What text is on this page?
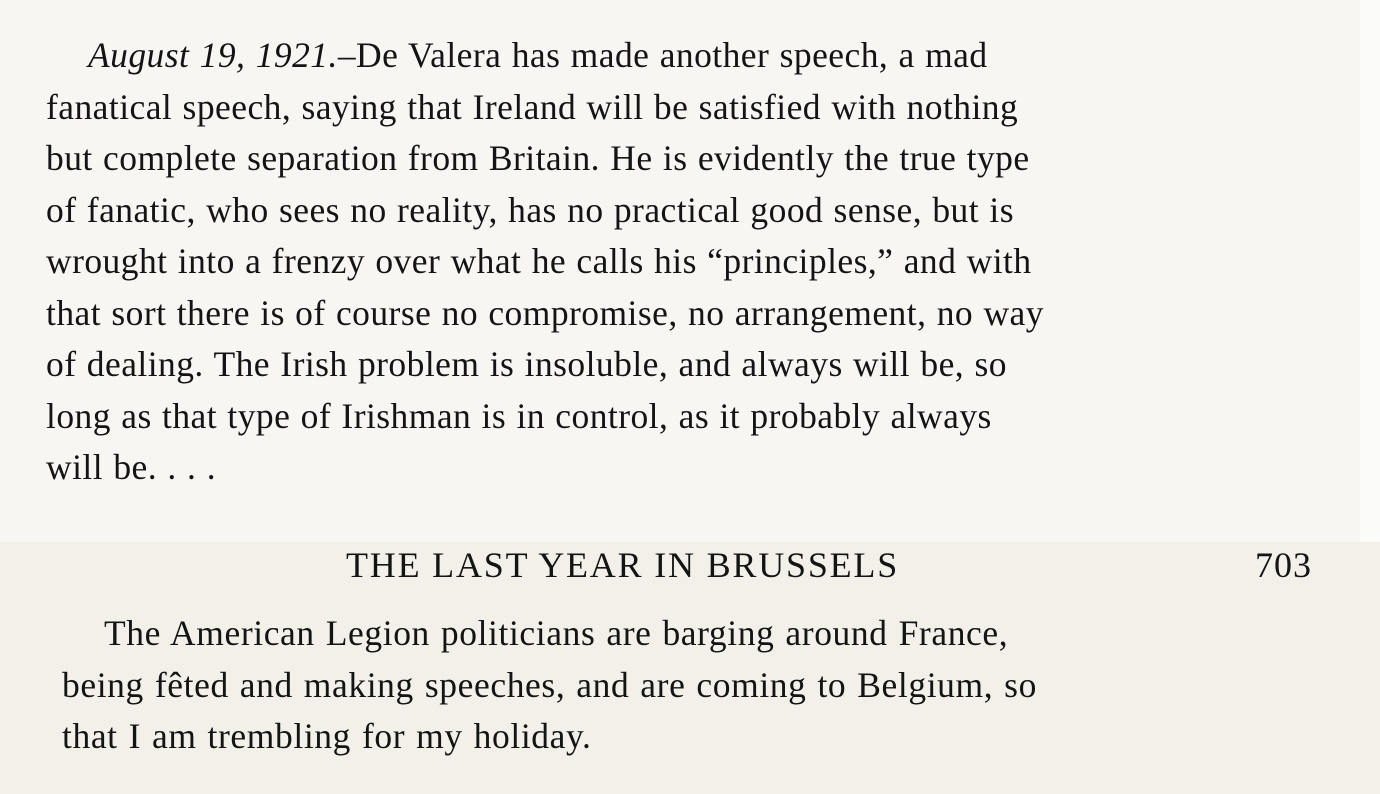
August 19, 1921.–De Valera has made another speech, a mad
fanatical speech, saying that Ireland will be satisfied with nothing
but complete separation from Britain. He is evidently the true type
of fanatic, who sees no reality, has no practical good sense, but is
wrought into a frenzy over what he calls his “principles,” and with
that sort there is of course no compromise, no arrangement, no way
of dealing. The Irish problem is insoluble, and always will be, so
long as that type of Irishman is in control, as it probably always
will be. . . .

THE LAST YEAR IN BRUSSELS	703

The American Legion politicians are barging around France,
being fêted and making speeches, and are coming to Belgium, so
that I am trembling for my holiday.
